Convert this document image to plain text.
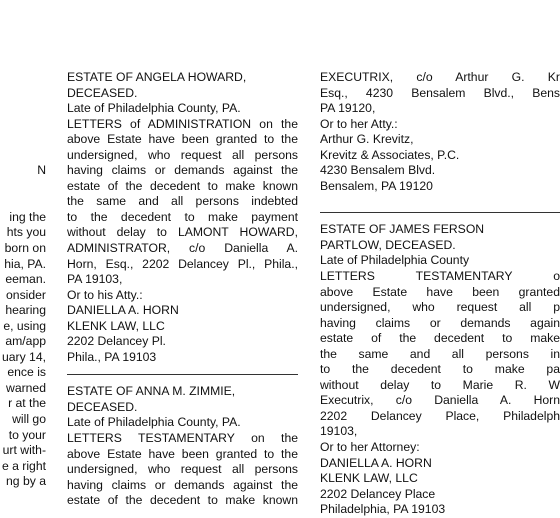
N

ing the

hts you

born on

hia, PA.

eeman.

onsider

hearing

e, using

am/app

uary 14,

ence is

warned

r at the

will go

to your

urt with-

e a right

ng by a

ESTATE OF ANGELA HOWARD,

DECEASED.

Late of Philadelphia County, PA.

LETTERS of ADMINISTRATION on the

above Estate have been granted to the

undersigned, who request all persons

having claims or demands against the

estate of the decedent to make known

the same and all persons indebted

to the decedent to make payment

without delay to LAMONT HOWARD,

ADMINISTRATOR, c/o Daniella A.

Horn, Esq., 2202 Delancey Pl., Phila.,

PA 19103,

Or to his Atty.:

DANIELLA A. HORN

KLENK LAW, LLC

2202 Delancey Pl.

Phila., PA 19103

ESTATE OF ANNA M. ZIMMIE,

DECEASED.

Late of Philadelphia County, PA.

LETTERS TESTAMENTARY on the

above Estate have been granted to the

undersigned, who request all persons

having claims or demands against the

estate of the decedent to make known

EXECUTRIX, c/o Arthur G. Kr

Esq., 4230 Bensalem Blvd., Bens

PA 19120,

Or to her Atty.:

Arthur G. Krevitz,

Krevitz & Associates, P.C.

4230 Bensalem Blvd.

Bensalem, PA 19120

ESTATE OF JAMES FERSON

PARTLOW, DECEASED.

Late of Philadelphia County

LETTERS TESTAMENTARY o

above Estate have been granted

undersigned, who request all p

having claims or demands again

estate of the decedent to make

the same and all persons in

to the decedent to make pa

without delay to Marie R. W

Executrix, c/o Daniella A. Horn

2202 Delancey Place, Philadelph

19103,

Or to her Attorney:

DANIELLA A. HORN

KLENK LAW, LLC

2202 Delancey Place

Philadelphia, PA 19103
